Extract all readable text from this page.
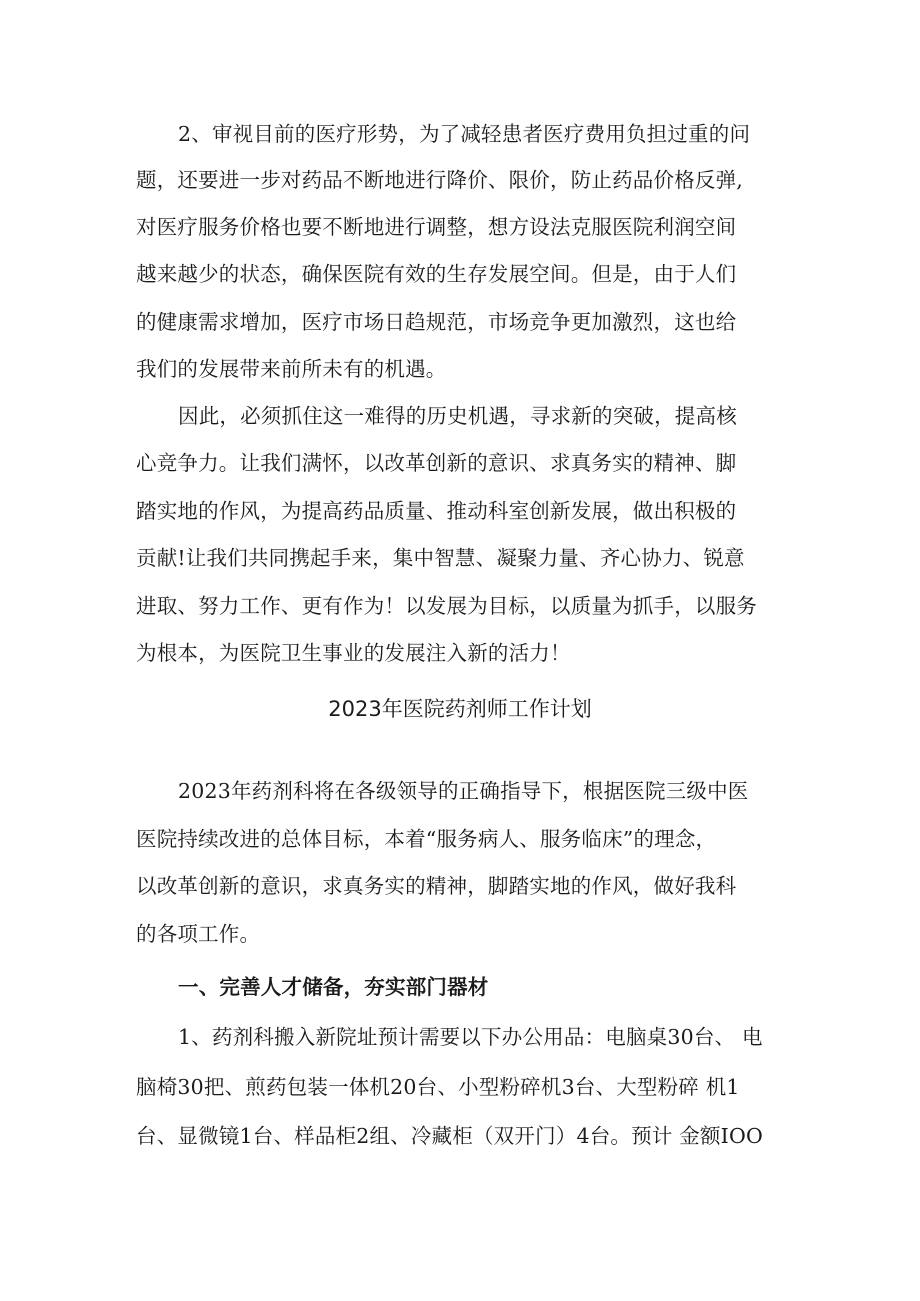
2、审视目前的医疗形势，为了减轻患者医疗费用负担过重的问
题，还要进一步对药品不断地进行降价、限价，防止药品价格反弹,
对医疗服务价格也要不断地进行调整，想方设法克服医院利润空间
越来越少的状态，确保医院有效的生存发展空间。但是，由于人们
的健康需求增加，医疗市场日趋规范，市场竞争更加激烈，这也给
我们的发展带来前所未有的机遇。
因此，必须抓住这一难得的历史机遇，寻求新的突破，提高核
心竞争力。让我们满怀，以改革创新的意识、求真务实的精神、脚
踏实地的作风，为提高药品质量、推动科室创新发展，做出积极的
贡献!让我们共同携起手来，集中智慧、凝聚力量、齐心协力、锐意
进取、努力工作、更有作为！以发展为目标，以质量为抓手，以服务
为根本，为医院卫生事业的发展注入新的活力！
2023年医院药剂师工作计划
2023年药剂科将在各级领导的正确指导下，根据医院三级中医
医院持续改进的总体目标，本着“服务病人、服务临床”的理念，
以改革创新的意识，求真务实的精神，脚踏实地的作风，做好我科
的各项工作。
一、完善人才储备，夯实部门器材
1、药剂科搬入新院址预计需要以下办公用品：电脑桌30台、 电
脑椅30把、煎药包装一体机20台、小型粉碎机3台、大型粉碎 机1
台、显微镜1台、样品柜2组、冷藏柜（双开门）4台。预计 金额IOO
